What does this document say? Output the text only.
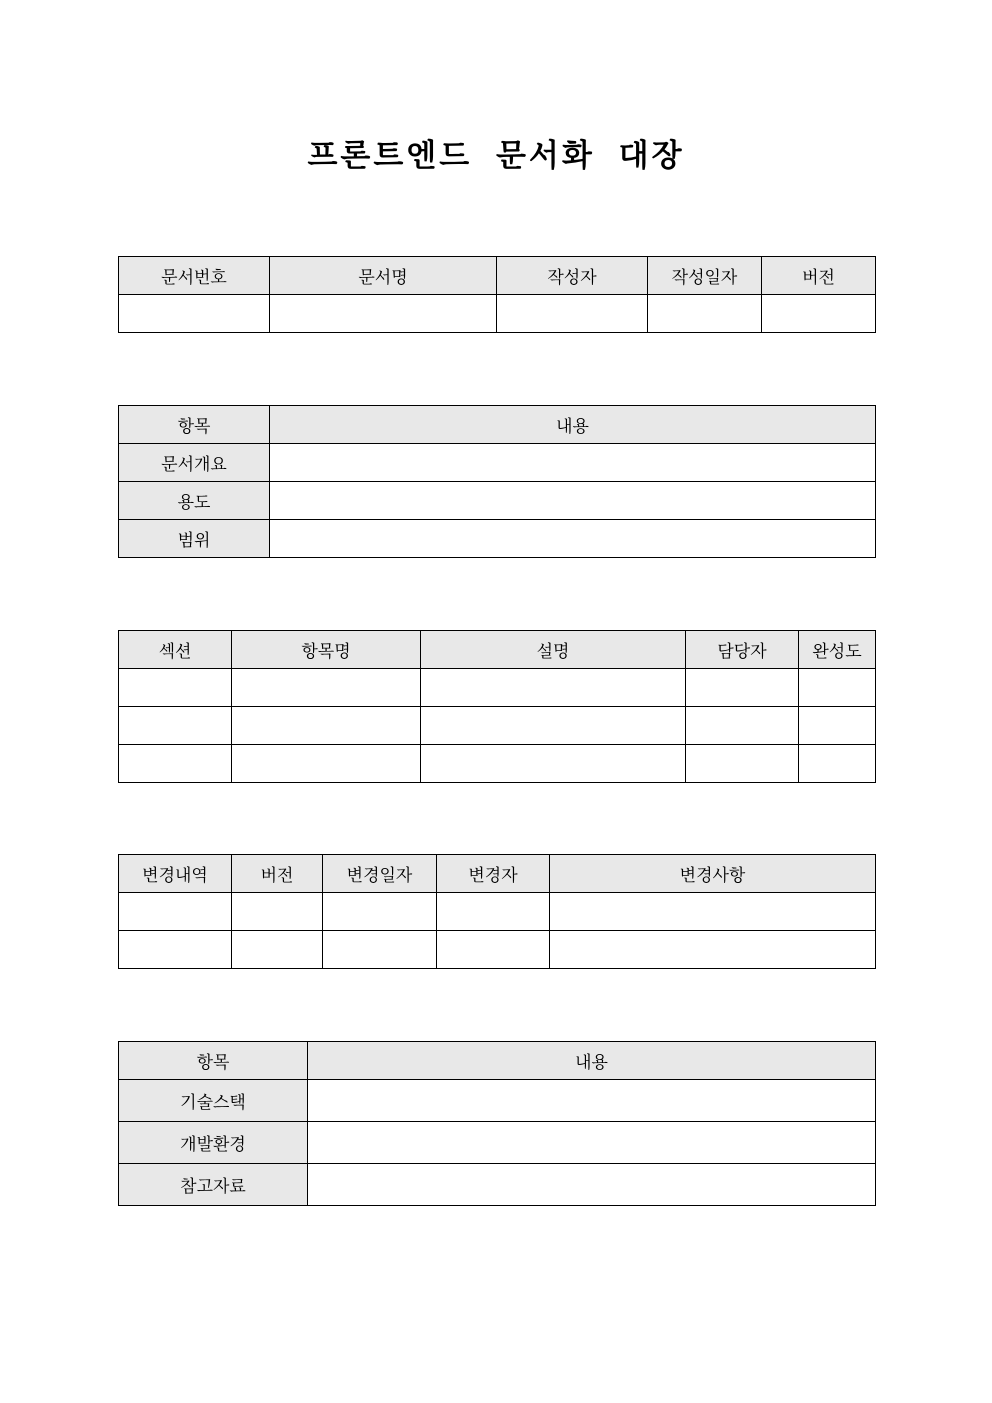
프론트엔드 문서화 대장
문서번호	문서명	작성자	작성일자	버전

항목	내용
문서개요	
용도	
범위	
섹션	항목명	설명	담당자	완성도

변경내역	버전	변경일자	변경자	변경사항

항목	내용
기술스택	
개발환경	
참고자료	
